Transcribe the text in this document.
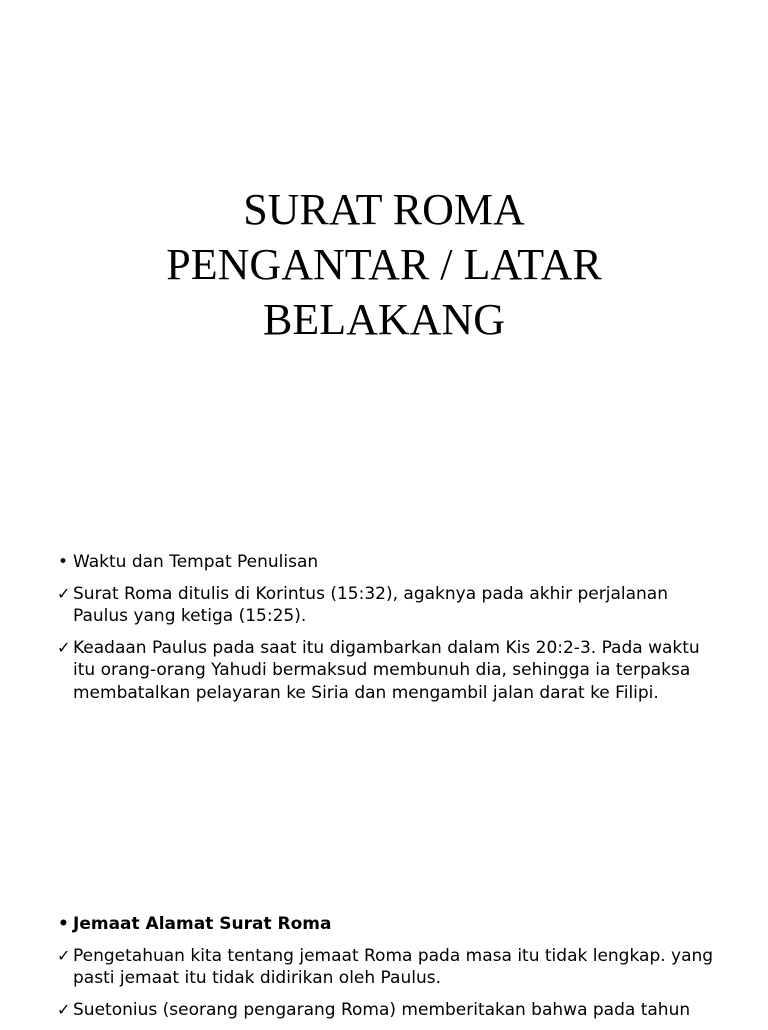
SURAT ROMA
PENGANTAR / LATAR
BELAKANG
• Waktu dan Tempat Penulisan
✓ Surat Roma ditulis di Korintus (15:32), agaknya pada akhir perjalanan Paulus yang ketiga (15:25).
✓ Keadaan Paulus pada saat itu digambarkan dalam Kis 20:2-3. Pada waktu itu orang-orang Yahudi bermaksud membunuh dia, sehingga ia terpaksa membatalkan pelayaran ke Siria dan mengambil jalan darat ke Filipi.
• Jemaat Alamat Surat Roma
✓ Pengetahuan kita tentang jemaat Roma pada masa itu tidak lengkap. yang pasti jemaat itu tidak didirikan oleh Paulus.
✓ Suetonius (seorang pengarang Roma) memberitakan bahwa pada tahun
